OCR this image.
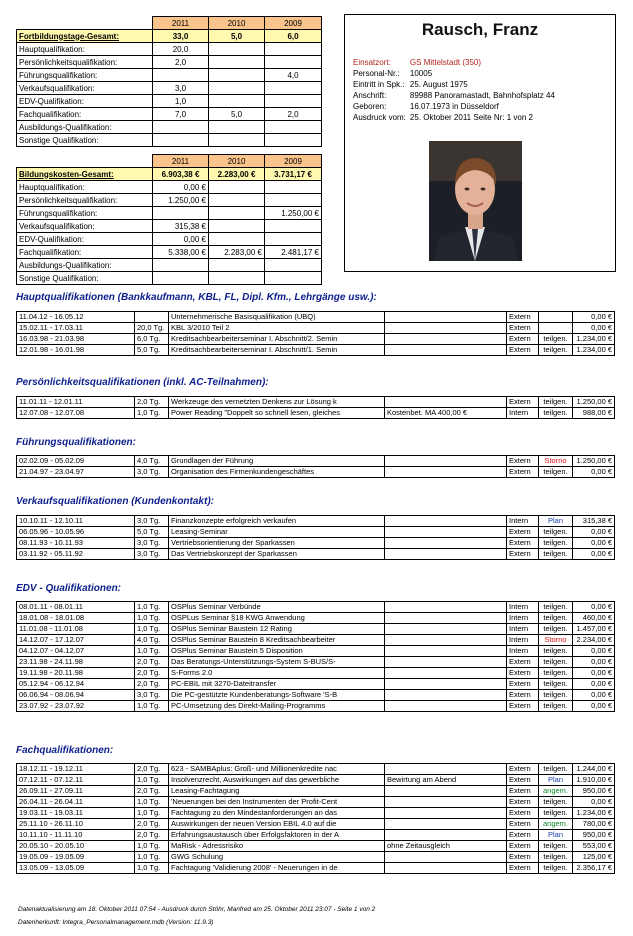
	2011	2010	2009
Fortbildungstage-Gesamt:	33,0	5,0	6,0
Hauptqualifikation:	20,0		
Persönlichkeitsqualifikation:	2,0		
Führungsqualifikation:			4,0
Verkaufsqualifikation:	3,0		
EDV-Qualifikation:	1,0		
Fachqualifikation:	7,0	5,0	2,0
Ausbildungs-Qualifikation:			
Sonstige Qualifikation:			
	2011	2010	2009
Bildungskosten-Gesamt:	6.903,38 €	2.283,00 €	3.731,17 €
Hauptqualifikation:	0,00 €		
Persönlichkeitsqualifikation:	1.250,00 €		
Führungsqualifikation:			1.250,00 €
Verkaufsqualifikation:	315,38 €		
EDV-Qualifikation:	0,00 €		
Fachqualifikation:	5.338,00 €	2.283,00 €	2.481,17 €
Ausbildungs-Qualifikation:			
Sonstige Qualifikation:			
Rausch, Franz
Einsatzort:	GS Mittelstadt (350)
Personal-Nr.:	10005
Eintritt in Spk.:	25. August 1975
Anschrift:	89988 Panoramastadt, Bahnhofsplatz 44
Geboren:	16.07.1973 in Düsseldorf
Ausdruck vom:	25. Oktober 2011 Seite Nr: 1 von 2
Hauptqualifikationen (Bankkaufmann, KBL, FL, Dipl. Kfm., Lehrgänge usw.):
11.04.12 - 16.05.12		Unternehmerische Basisqualifikation (UBQ)		Extern		0,00 €
15.02.11 - 17.03.11	20,0 Tg.	KBL 3/2010 Teil 2		Extern		0,00 €
16.03.98 - 21.03.98	6,0 Tg.	Kreditsachbearbeiterseminar I. Abschnitt/2. Semin		Extern	teilgen.	1.234,00 €
12.01.98 - 16.01.98	5,0 Tg.	Kreditsachbearbeiterseminar I. Abschnitt/1. Semin		Extern	teilgen.	1.234,00 €
Persönlichkeitsqualifikationen (inkl. AC-Teilnahmen):
11.01.11 - 12.01.11	2,0 Tg.	Werkzeuge des vernetzten Denkens zur Lösung k		Extern	teilgen.	1.250,00 €
12.07.08 - 12.07.08	1,0 Tg.	Power Reading "Doppelt so schnell lesen, gleiches	Kostenbet. MA 400,00 €	Intern	teilgen.	988,00 €
Führungsqualifikationen:
02.02.09 - 05.02.09	4,0 Tg.	Grundlagen der Führung		Extern	Storno	1.250,00 €
21.04.97 - 23.04.97	3,0 Tg.	Organisation des Firmenkundengeschäftes		Extern	teilgen.	0,00 €
Verkaufsqualifikationen (Kundenkontakt):
10.10.11 - 12.10.11	3,0 Tg.	Finanzkonzepte erfolgreich verkaufen		Intern	Plan	315,38 €
06.05.96 - 10.05.96	5,0 Tg.	Leasing-Seminar		Extern	teilgen.	0,00 €
08.11.93 - 10.11.93	3,0 Tg.	Vertriebsorientierung der Sparkassen		Extern	teilgen.	0,00 €
03.11.92 - 05.11.92	3,0 Tg.	Das Vertriebskonzept der Sparkassen		Extern	teilgen.	0,00 €
EDV - Qualifikationen:
08.01.11 - 08.01.11	1,0 Tg.	OSPlus Seminar Verbünde		Intern	teilgen.	0,00 €
18.01.08 - 18.01.08	1,0 Tg.	OSPLus Seminar §18 KWG Anwendung		Intern	teilgen.	460,00 €
11.01.08 - 11.01.08	1,0 Tg.	OSPlus Seminar Baustein 12 Rating		Intern	teilgen.	1.457,00 €
14.12.07 - 17.12.07	4,0 Tg.	OSPlus Seminar Baustein 8 Kreditsachbearbeiter		Intern	Storno	2.234,00 €
04.12.07 - 04.12.07	1,0 Tg.	OSPlus Seminar Baustein 5 Disposition		Intern	teilgen.	0,00 €
23.11.98 - 24.11.98	2,0 Tg.	Das Beratungs-Unterstützungs-System S-BUS/S-		Extern	teilgen.	0,00 €
19.11.98 - 20.11.98	2,0 Tg.	S-Forms 2.0		Extern	teilgen.	0,00 €
05.12.94 - 06.12.94	2,0 Tg.	PC-EBIL mit 3270-Dateitransfer		Extern	teilgen.	0,00 €
06.06.94 - 08.06.94	3,0 Tg.	Die PC-gestützte Kundenberatungs-Software 'S-B		Extern	teilgen.	0,00 €
23.07.92 - 23.07.92	1,0 Tg.	PC-Umsetzung des Direkt-Mailing-Programms		Extern	teilgen.	0,00 €
Fachqualifikationen:
18.12.11 - 19.12.11	2,0 Tg.	623 - SAMBAplus: Groß- und Millionenkredite nac		Extern	teilgen.	1.244,00 €
07.12.11 - 07.12.11	1,0 Tg.	Insolvenzrecht, Auswirkungen auf das gewerbliche	Bewirtung am Abend	Extern	Plan	1.910,00 €
26.09.11 - 27.09.11	2,0 Tg.	Leasing-Fachtagung		Extern	angem.	950,00 €
26.04.11 - 26.04.11	1,0 Tg.	'Neuerungen bei den Instrumenten der Profit-Cent		Extern	teilgen.	0,00 €
19.03.11 - 19.03.11	1,0 Tg.	Fachtagung zu den Mindestanforderungen an das		Extern	teilgen.	1.234,00 €
25.11.10 - 26.11.10	2,0 Tg.	Auswirkungen der neuen Version EBIL 4.0 auf die		Extern	angem.	780,00 €
10.11.10 - 11.11.10	2,0 Tg.	Erfahrungsaustausch über Erfolgsfaktoren in der A		Extern	Plan	950,00 €
20.05.10 - 20.05.10	1,0 Tg.	MaRisk - Adressrisiko	ohne Zeitausgleich	Extern	teilgen.	553,00 €
19.05.09 - 19.05.09	1,0 Tg.	GWG Schulung		Extern	teilgen.	125,00 €
13.05.09 - 13.05.09	1,0 Tg.	Fachtagung 'Validierung 2008' - Neuerungen in de		Extern	teilgen.	2.356,17 €
Datenaktualisierung am 18. Oktober 2011 07:54 - Ausdruck durch Stöhr, Manfred am 25. Oktober 2011 23:07 - Seite 1 von 2
Datenherkunft: Integra_Personalmanagement.mdb (Version: 11.9.3)
